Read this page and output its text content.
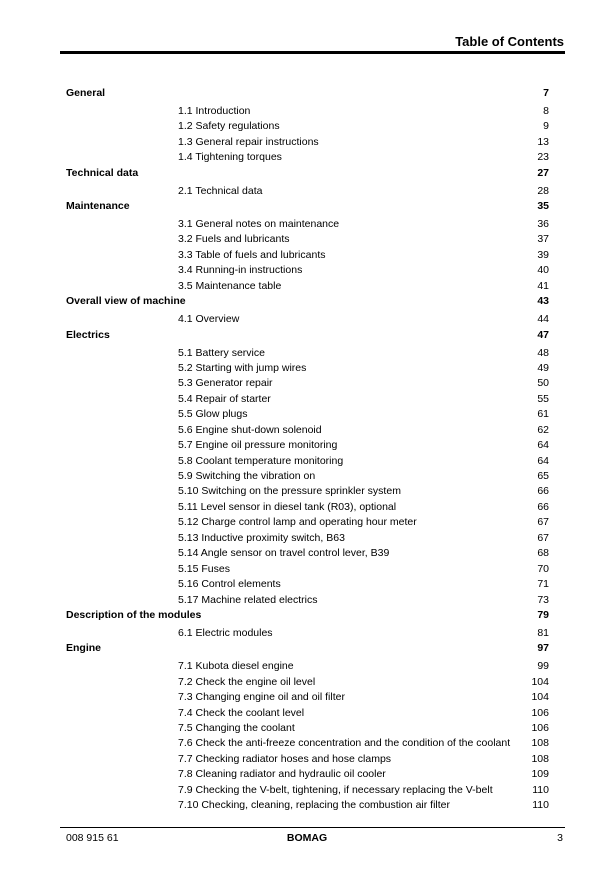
Table of Contents
General	7
1.1 Introduction	8
1.2 Safety regulations	9
1.3 General repair instructions	13
1.4 Tightening torques	23
Technical data	27
2.1 Technical data	28
Maintenance	35
3.1 General notes on maintenance	36
3.2 Fuels and lubricants	37
3.3 Table of fuels and lubricants	39
3.4 Running-in instructions	40
3.5 Maintenance table	41
Overall view of machine	43
4.1 Overview	44
Electrics	47
5.1 Battery service	48
5.2 Starting with jump wires	49
5.3 Generator repair	50
5.4 Repair of starter	55
5.5 Glow plugs	61
5.6 Engine shut-down solenoid	62
5.7 Engine oil pressure monitoring	64
5.8 Coolant temperature monitoring	64
5.9 Switching the vibration on	65
5.10 Switching on the pressure sprinkler system	66
5.11 Level sensor in diesel tank (R03), optional	66
5.12 Charge control lamp and operating hour meter	67
5.13 Inductive proximity switch, B63	67
5.14 Angle sensor on travel control lever, B39	68
5.15 Fuses	70
5.16 Control elements	71
5.17 Machine related electrics	73
Description of the modules	79
6.1 Electric modules	81
Engine	97
7.1 Kubota diesel engine	99
7.2 Check the engine oil level	104
7.3 Changing engine oil and oil filter	104
7.4 Check the coolant level	106
7.5 Changing the coolant	106
7.6 Check the anti-freeze concentration and the condition of the coolant 108
7.7 Checking radiator hoses and hose clamps	108
7.8 Cleaning radiator and hydraulic oil cooler	109
7.9 Checking the V-belt, tightening, if necessary replacing the V-belt	110
7.10 Checking, cleaning, replacing the combustion air filter	110
008 915 61	BOMAG	3
